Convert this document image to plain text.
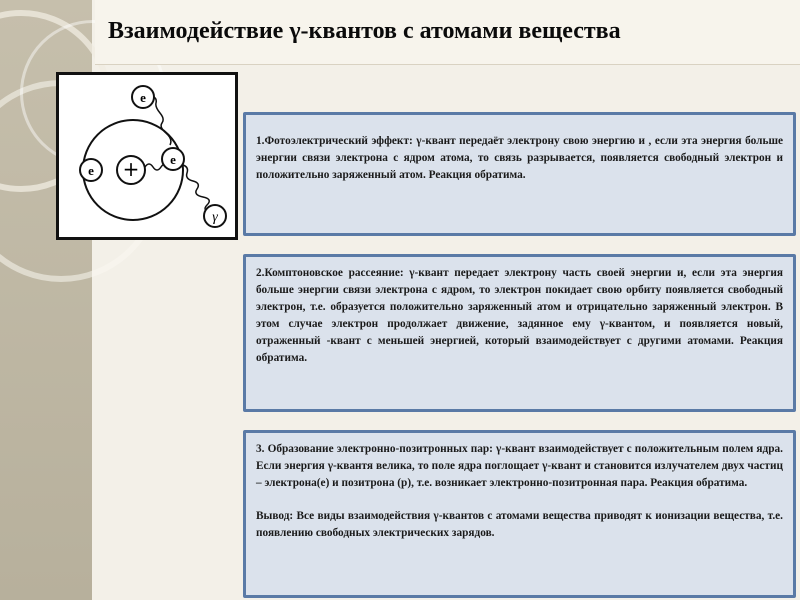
Взаимодействие γ-квантов с атомами вещества
+
e
e
e
γ
1.Фотоэлектрический эффект: γ-квант передаёт электрону свою энергию и , если эта энергия больше энергии связи электрона с ядром атома, то связь разрывается, появляется свободный электрон и положительно заряженный атом. Реакция обратима.
2.Комптоновское рассеяние: γ-квант передает электрону часть своей энергии и, если эта энергия больше энергии связи электрона с ядром, то электрон покидает свою орбиту появляется свободный электрон, т.е. образуется положительно заряженный атом и отрицательно заряженный электрон. В этом случае электрон продолжает движение, задянное ему γ-квантом, и появляется новый, отраженный -квант с меньшей энергией, который взаимодействует с другими атомами. Реакция обратима.
3. Образование электронно-позитронных пар: γ-квант взаимодействует с положительным полем ядра. Если энергия γ-квантя велика, то поле ядра поглощает γ-квант и становится излучателем двух частиц – электрона(е) и позитрона (р), т.е. возникает электронно-позитронная пара. Реакция обратима.
Вывод: Все виды взаимодействия γ-квантов с атомами вещества приводят к ионизации вещества, т.е. появлению свободных электрических зарядов.
